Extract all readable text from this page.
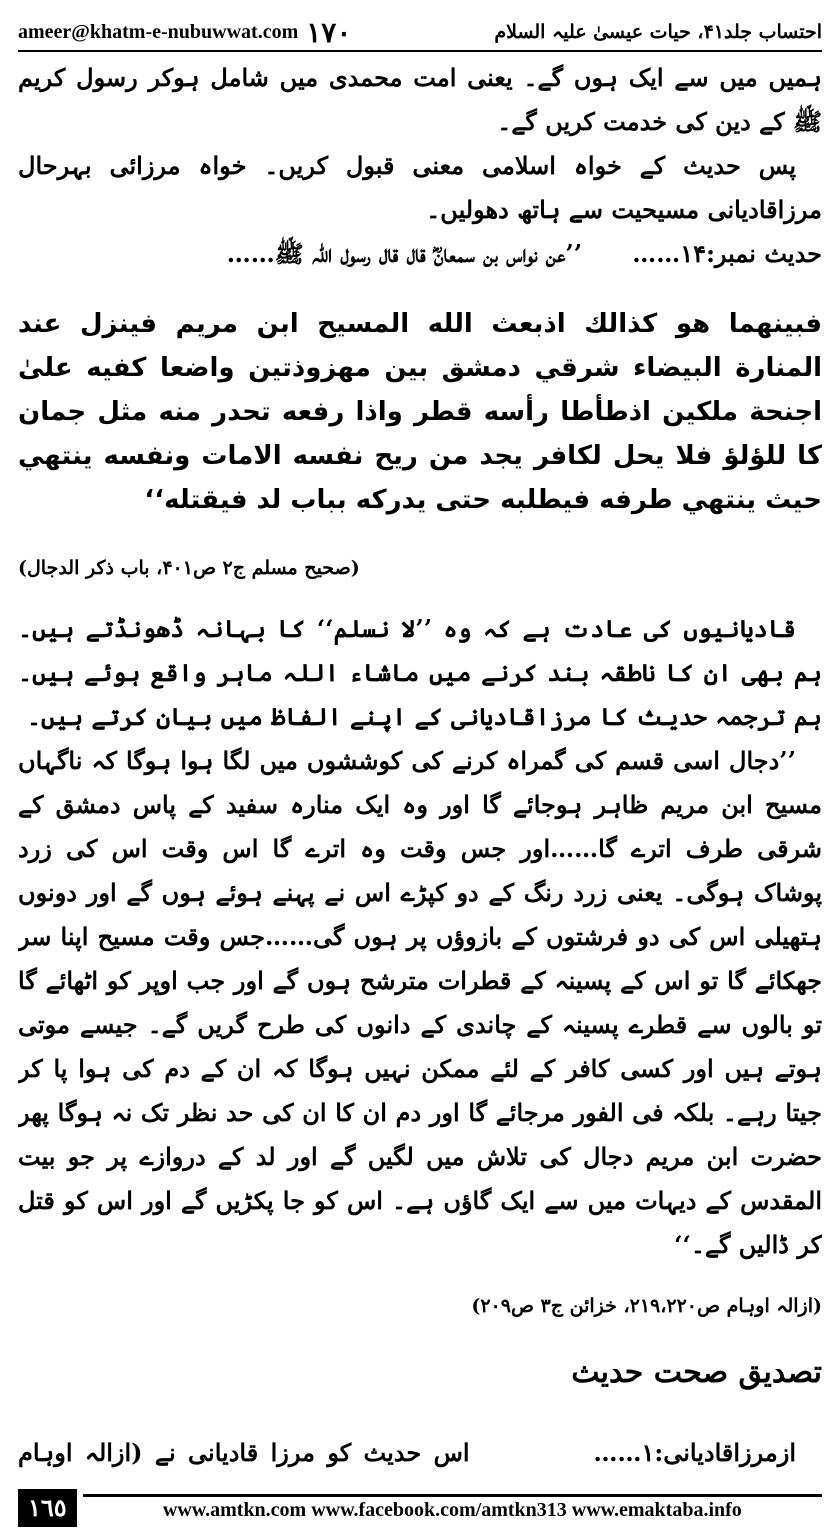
ameer@khatm-e-nubuwwat.com ١٧٠	احتساب جلد۴۱، حیات عیسیٰ علیہ السلام

ہمیں میں سے ایک ہوں گے۔ یعنی امت محمدی میں شامل ہوکر رسول کریم ﷺ کے دین کی خدمت کریں گے۔

پس حدیث کے خواہ اسلامی معنی قبول کریں۔ خواہ مرزائی بہرحال مرزاقادیانی مسیحیت سے ہاتھ دھولیں۔

حدیث نمبر:۱۴……      ’’عن نواس بن سمعانؓ قال قال رسول اللہ ﷺ……

فبينهما هو كذالك اذبعث الله المسيح ابن مريم فينزل عند المنارة البيضاء شرقي دمشق بين مهزوذتين واضعا كفيه علىٰ اجنحة ملكين اذطأطا رأسه قطر واذا رفعه تحدر منه مثل جمان كا للؤلؤ فلا يحل لكافر يجد من ريح نفسه الامات ونفسه ينتهي حيث ينتهي طرفه فيطلبه حتى يدركه بباب لد فيقتله‘‘

(صحیح مسلم ج۲ ص۴۰۱، باب ذکر الدجال)

قادیانیوں کی عادت ہے کہ وہ ’’لا نسلم‘‘ کا بہانہ ڈھونڈتے ہیں۔ ہم بھی ان کا ناطقہ بند کرنے میں ماشاء اللہ ماہر واقع ہوئے ہیں۔ ہم ترجمہ حدیث کا مرزاقادیانی کے اپنے الفاظ میں بیان کرتے ہیں۔

’’دجال اسی قسم کی گمراہ کرنے کی کوششوں میں لگا ہوا ہوگا کہ ناگہاں مسیح ابن مریم ظاہر ہوجائے گا اور وہ ایک منارہ سفید کے پاس دمشق کے شرقی طرف اترے گا……اور جس وقت وہ اترے گا اس وقت اس کی زرد پوشاک ہوگی۔ یعنی زرد رنگ کے دو کپڑے اس نے پہنے ہوئے ہوں گے اور دونوں ہتھیلی اس کی دو فرشتوں کے بازوؤں پر ہوں گی……جس وقت مسیح اپنا سر جھکائے گا تو اس کے پسینہ کے قطرات مترشح ہوں گے اور جب اوپر کو اٹھائے گا تو بالوں سے قطرے پسینہ کے چاندی کے دانوں کی طرح گریں گے۔ جیسے موتی ہوتے ہیں اور کسی کافر کے لئے ممکن نہیں ہوگا کہ ان کے دم کی ہوا پا کر جیتا رہے۔ بلکہ فی الفور مرجائے گا اور دم ان کا ان کی حد نظر تک نہ ہوگا پھر حضرت ابن مریم دجال کی تلاش میں لگیں گے اور لد کے دروازے پر جو بیت المقدس کے دیہات میں سے ایک گاؤں ہے۔ اس کو جا پکڑیں گے اور اس کو قتل کر ڈالیں گے۔‘‘

(ازالہ اوہام ص۲۱۹،۲۲۰، خزائن ج۳ ص۲۰۹)

تصدیق صحت حدیث

ازمرزاقادیانی:۱……          اس حدیث کو مرزا قادیانی نے (ازالہ اوہام

١٦٥	www.amtkn.com www.facebook.com/amtkn313 www.emaktaba.info
